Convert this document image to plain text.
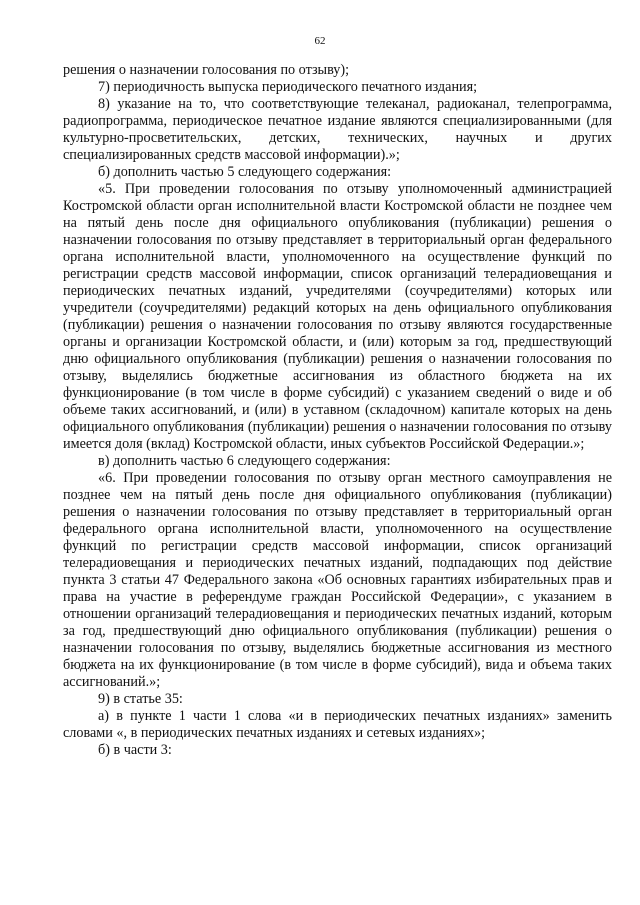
62

решения о назначении голосования по отзыву);

7) периодичность выпуска периодического печатного издания;

8) указание на то, что соответствующие телеканал, радиоканал, телепрограмма, радиопрограмма, периодическое печатное издание являются специализированными (для культурно-просветительских, детских, технических, научных и других специализированных средств массовой информации).»;

б) дополнить частью 5 следующего содержания:

«5. При проведении голосования по отзыву уполномоченный администрацией Костромской области орган исполнительной власти Костромской области не позднее чем на пятый день после дня официального опубликования (публикации) решения о назначении голосования по отзыву представляет в территориальный орган федерального органа исполнительной власти, уполномоченного на осуществление функций по регистрации средств массовой информации, список организаций телерадиовещания и периодических печатных изданий, учредителями (соучредителями) которых или учредители (соучредителями) редакций которых на день официального опубликования (публикации) решения о назначении голосования по отзыву являются государственные органы и организации Костромской области, и (или) которым за год, предшествующий дню официального опубликования (публикации) решения о назначении голосования по отзыву, выделялись бюджетные ассигнования из областного бюджета на их функционирование (в том числе в форме субсидий) с указанием сведений о виде и об объеме таких ассигнований, и (или) в уставном (складочном) капитале которых на день официального опубликования (публикации) решения о назначении голосования по отзыву имеется доля (вклад) Костромской области, иных субъектов Российской Федерации.»;

в) дополнить частью 6 следующего содержания:

«6. При проведении голосования по отзыву орган местного самоуправления не позднее чем на пятый день после дня официального опубликования (публикации) решения о назначении голосования по отзыву представляет в территориальный орган федерального органа исполнительной власти, уполномоченного на осуществление функций по регистрации средств массовой информации, список организаций телерадиовещания и периодических печатных изданий, подпадающих под действие пункта 3 статьи 47 Федерального закона «Об основных гарантиях избирательных прав и права на участие в референдуме граждан Российской Федерации», с указанием в отношении организаций телерадиовещания и периодических печатных изданий, которым за год, предшествующий дню официального опубликования (публикации) решения о назначении голосования по отзыву, выделялись бюджетные ассигнования из местного бюджета на их функционирование (в том числе в форме субсидий), вида и объема таких ассигнований.»;

9) в статье 35:

а) в пункте 1 части 1 слова «и в периодических печатных изданиях» заменить словами «, в периодических печатных изданиях и сетевых изданиях»;

б) в части 3:
